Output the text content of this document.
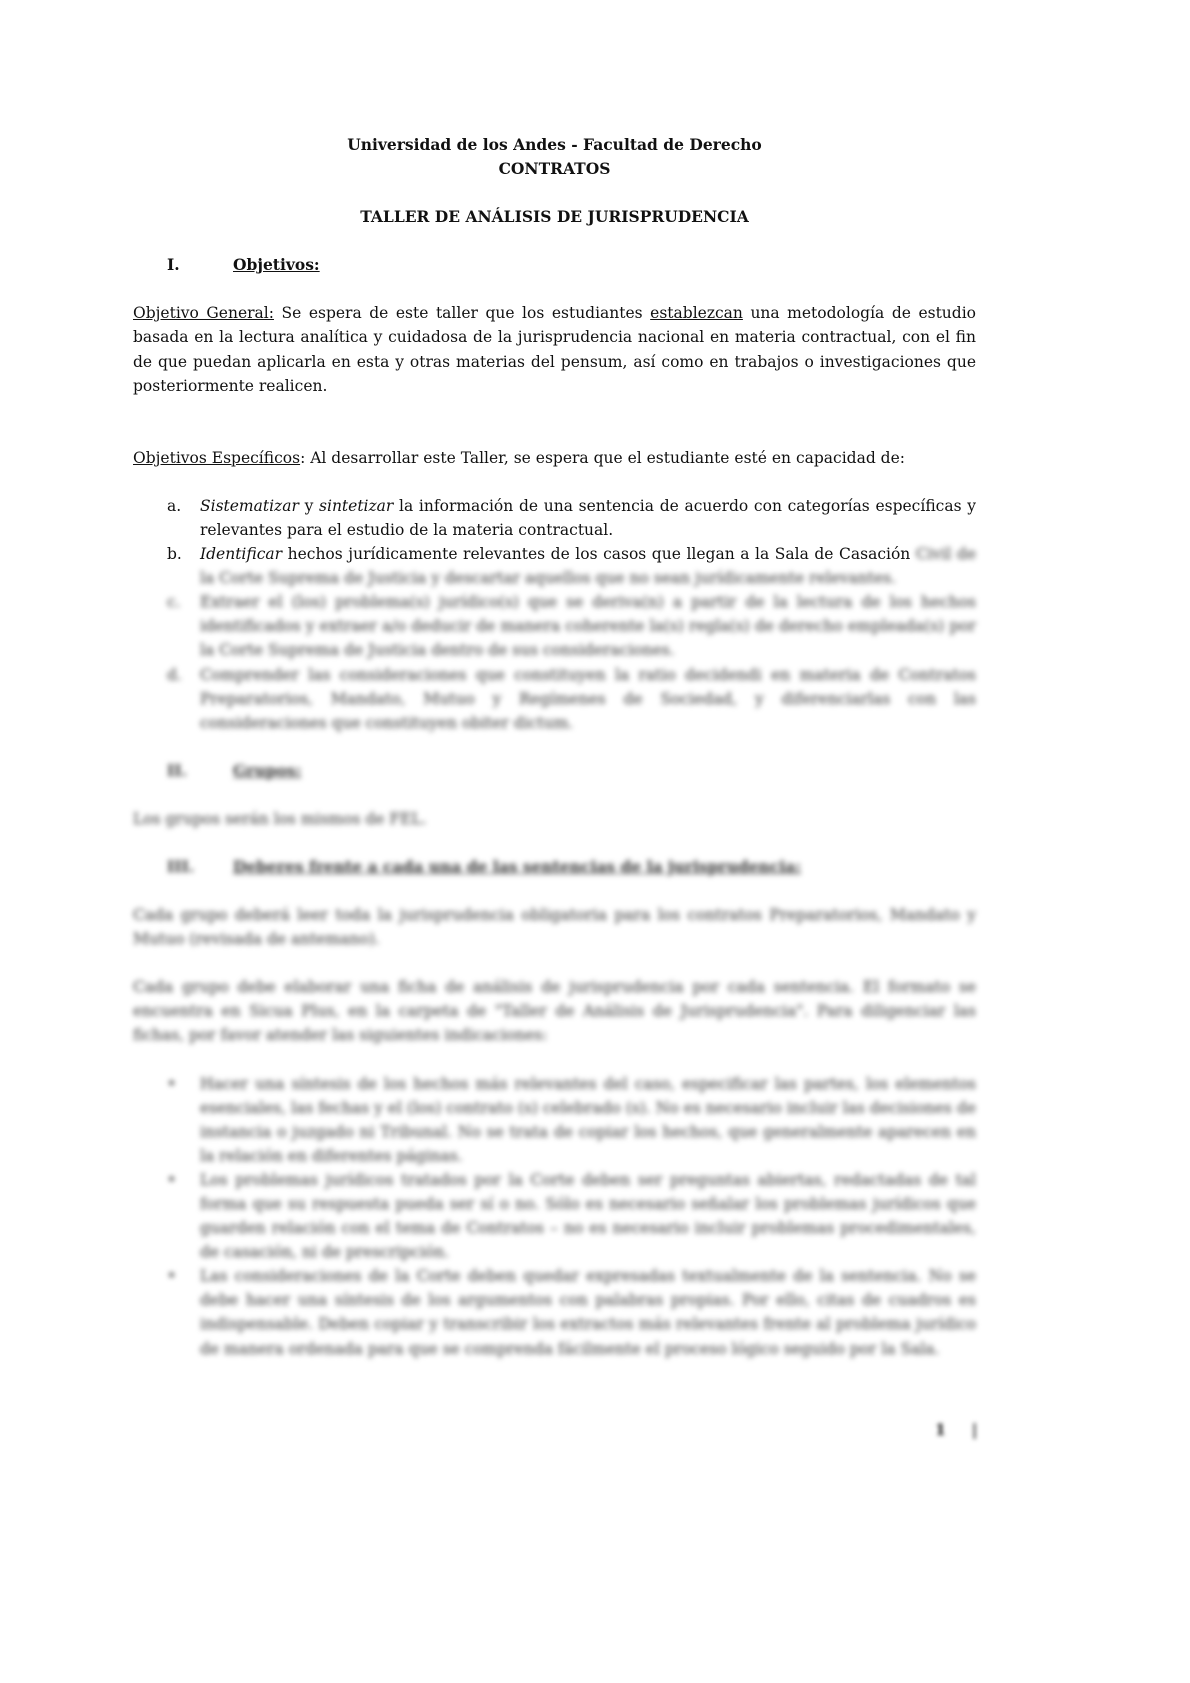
Universidad de los Andes - Facultad de Derecho
CONTRATOS
TALLER DE ANÁLISIS DE JURISPRUDENCIA
I.	Objetivos:

Objetivo General: Se espera de este taller que los estudiantes establezcan una metodología de estudio basada en la lectura analítica y cuidadosa de la jurisprudencia nacional en materia contractual, con el fin de que puedan aplicarla en esta y otras materias del pensum, así como en trabajos o investigaciones que posteriormente realicen.

Objetivos Específicos: Al desarrollar este Taller, se espera que el estudiante esté en capacidad de:

a.	Sistematizar y sintetizar la información de una sentencia de acuerdo con categorías específicas y relevantes para el estudio de la materia contractual.
b.	Identificar hechos jurídicamente relevantes de los casos que llegan a la Sala de Casación Civil de la Corte Suprema de Justicia y descartar aquellos que no sean jurídicamente relevantes.
c.	Extraer el (los) problema(s) jurídico(s) que se deriva(n) a partir de la lectura de los hechos identificados y extraer a/o deducir de manera coherente la(s) regla(s) de derecho empleada(s) por la Corte Suprema de Justicia dentro de sus consideraciones.
d.	Comprender las consideraciones que constituyen la ratio decidendi en materia de Contratos Preparatorios, Mandato, Mutuo y Regímenes de Sociedad, y diferenciarlas con las consideraciones que constituyen obiter dictum.
II.	Grupos:

Los grupos serán los mismos de FEL.

III.	Deberes frente a cada una de las sentencias de la jurisprudencia:

Cada grupo deberá leer toda la jurisprudencia obligatoria para los contratos Preparatorios, Mandato y Mutuo (revisada de antemano).

Cada grupo debe elaborar una ficha de análisis de jurisprudencia por cada sentencia. El formato se encuentra en Sicua Plus, en la carpeta de "Taller de Análisis de Jurisprudencia". Para diligenciar las fichas, por favor atender las siguientes indicaciones:

•	Hacer una síntesis de los hechos más relevantes del caso, especificar las partes, los elementos esenciales, las fechas y el (los) contrato (s) celebrado (s). No es necesario incluir las decisiones de instancia o juzgado ni Tribunal. No se trata de copiar los hechos, que generalmente aparecen en la relación en diferentes páginas.
•	Los problemas jurídicos tratados por la Corte deben ser preguntas abiertas, redactadas de tal forma que su respuesta pueda ser sí o no. Sólo es necesario señalar los problemas jurídicos que guarden relación con el tema de Contratos – no es necesario incluir problemas procedimentales, de casación, ni de prescripción.
•	Las consideraciones de la Corte deben quedar expresadas textualmente de la sentencia. No se debe hacer una síntesis de los argumentos con palabras propias. Por ello, citas de cuadros es indispensable. Deben copiar y transcribir los extractos más relevantes frente al problema jurídico de manera ordenada para que se comprenda fácilmente el proceso lógico seguido por la Sala.
1 |
